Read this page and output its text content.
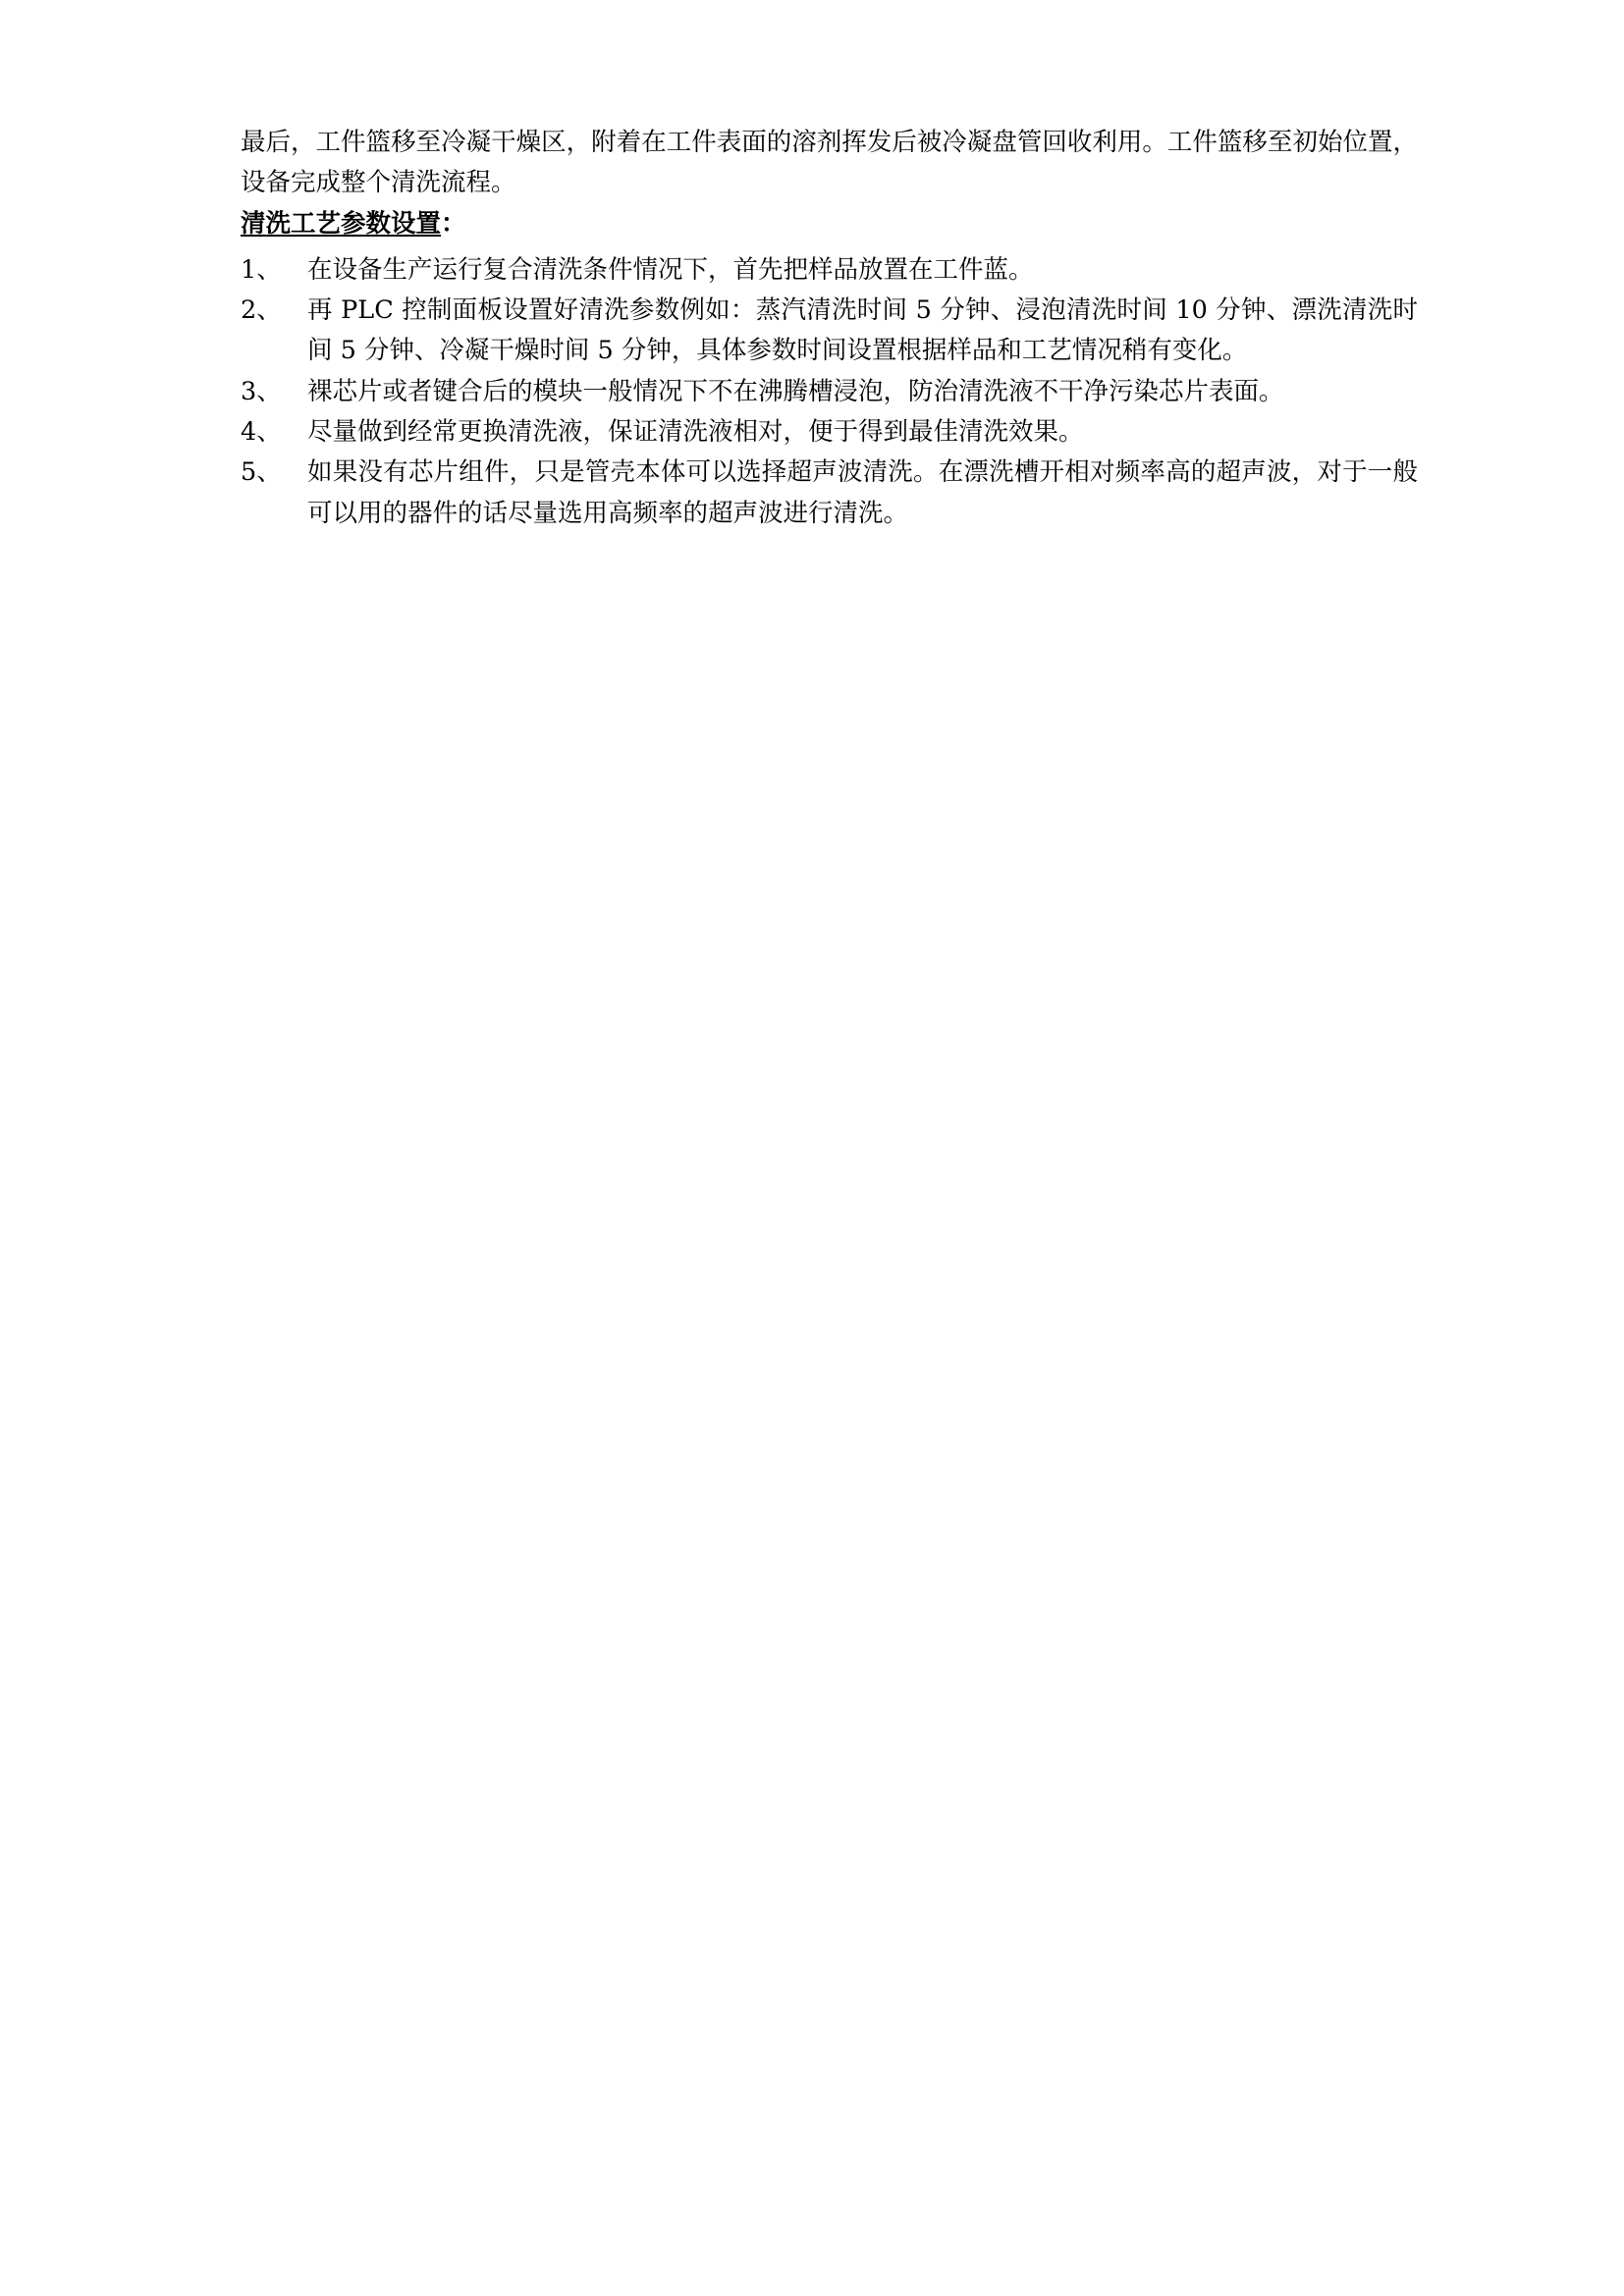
最后，工件篮移至冷凝干燥区，附着在工件表面的溶剂挥发后被冷凝盘管回收利用。工件篮移至初始位置，设备完成整个清洗流程。

清洗工艺参数设置：

1、	在设备生产运行复合清洗条件情况下，首先把样品放置在工件蓝。
2、	再 PLC 控制面板设置好清洗参数例如：蒸汽清洗时间 5 分钟、浸泡清洗时间 10 分钟、漂洗清洗时间 5 分钟、冷凝干燥时间 5 分钟，具体参数时间设置根据样品和工艺情况稍有变化。
3、	裸芯片或者键合后的模块一般情况下不在沸腾槽浸泡，防治清洗液不干净污染芯片表面。
4、	尽量做到经常更换清洗液，保证清洗液相对，便于得到最佳清洗效果。
5、	如果没有芯片组件，只是管壳本体可以选择超声波清洗。在漂洗槽开相对频率高的超声波，对于一般可以用的器件的话尽量选用高频率的超声波进行清洗。
